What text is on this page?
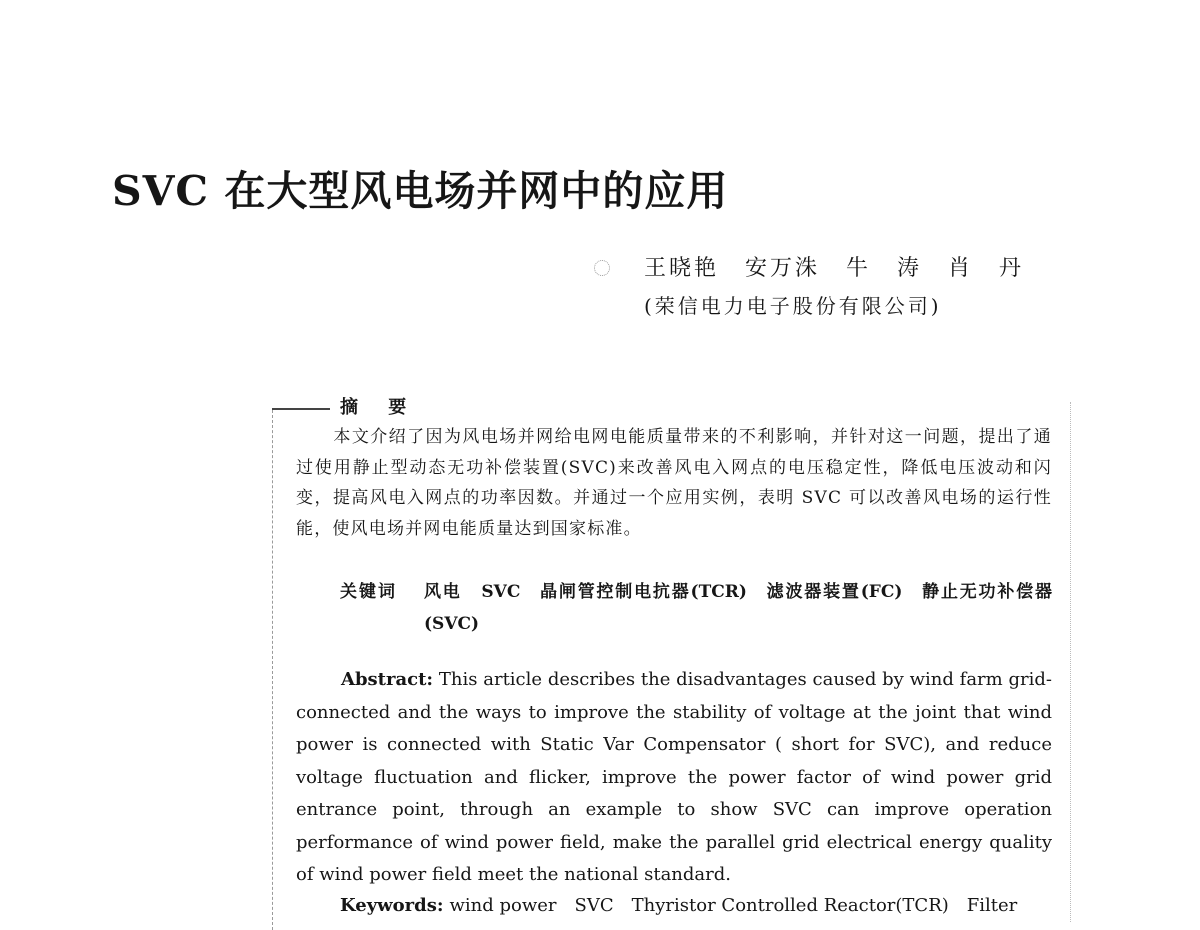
SVC 在大型风电场并网中的应用
王晓艳 安万洙 牛 涛 肖 丹
(荣信电力电子股份有限公司)
摘 要

本文介绍了因为风电场并网给电网电能质量带来的不利影响，并针对这一问题，提出了通过使用静止型动态无功补偿装置(SVC)来改善风电入网点的电压稳定性，降低电压波动和闪变，提高风电入网点的功率因数。并通过一个应用实例，表明 SVC 可以改善风电场的运行性能，使风电场并网电能质量达到国家标准。

关键词 风电 SVC 晶闸管控制电抗器(TCR) 滤波器装置(FC) 静止无功补偿器(SVC)

Abstract: This article describes the disadvantages caused by wind farm grid-connected and the ways to improve the stability of voltage at the joint that wind power is connected with Static Var Compensator ( short for SVC), and reduce voltage fluctuation and flicker, improve the power factor of wind power grid entrance point, through an example to show SVC can improve operation performance of wind power field, make the parallel grid electrical energy quality of wind power field meet the national standard.

Keywords: wind power SVC Thyristor Controlled Reactor(TCR) Filter
